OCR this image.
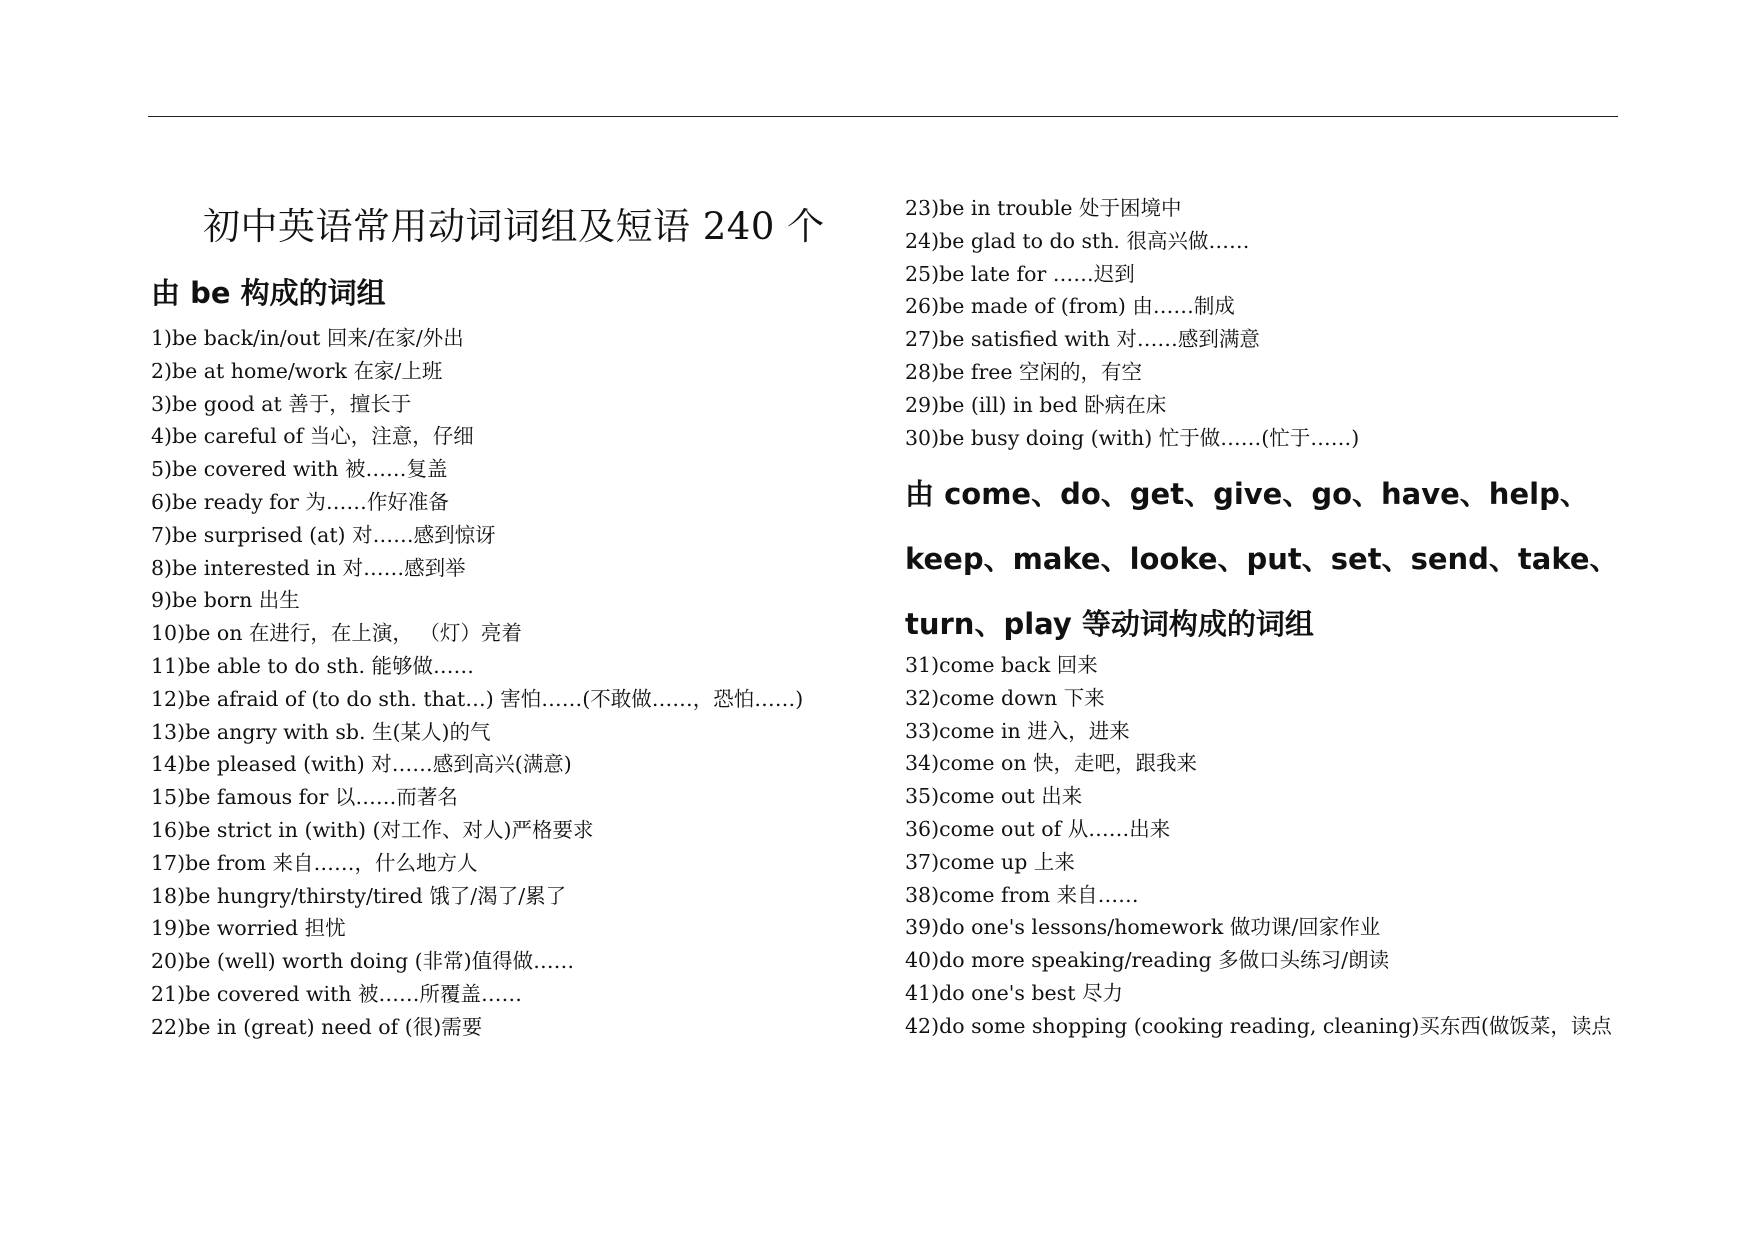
初中英语常用动词词组及短语 240 个
由 be 构成的词组
1)be back/in/out 回来/在家/外出
2)be at home/work 在家/上班
3)be good at 善于，擅长于
4)be careful of 当心，注意，仔细
5)be covered with 被……复盖
6)be ready for 为……作好准备
7)be surprised (at) 对……感到惊讶
8)be interested in 对……感到举
9)be born 出生
10)be on 在进行，在上演， （灯）亮着
11)be able to do sth. 能够做……
12)be afraid of (to do sth. that…) 害怕……(不敢做……，恐怕……)
13)be angry with sb. 生(某人)的气
14)be pleased (with) 对……感到高兴(满意)
15)be famous for 以……而著名
16)be strict in (with) (对工作、对人)严格要求
17)be from 来自……，什么地方人
18)be hungry/thirsty/tired 饿了/渴了/累了
19)be worried 担忧
20)be (well) worth doing (非常)值得做……
21)be covered with 被……所覆盖……
22)be in (great) need of (很)需要
23)be in trouble 处于困境中
24)be glad to do sth. 很高兴做……
25)be late for ……迟到
26)be made of (from) 由……制成
27)be satisfied with 对……感到满意
28)be free 空闲的，有空
29)be (ill) in bed 卧病在床
30)be busy doing (with) 忙于做……(忙于……)
由 come、do、get、give、go、have、help、keep、make、looke、put、set、send、take、turn、play 等动词构成的词组
31)come back 回来
32)come down 下来
33)come in 进入，进来
34)come on 快，走吧，跟我来
35)come out 出来
36)come out of 从……出来
37)come up 上来
38)come from 来自……
39)do one's lessons/homework 做功课/回家作业
40)do more speaking/reading 多做口头练习/朗读
41)do one's best 尽力
42)do some shopping (cooking reading, cleaning)买东西(做饭菜，读点
